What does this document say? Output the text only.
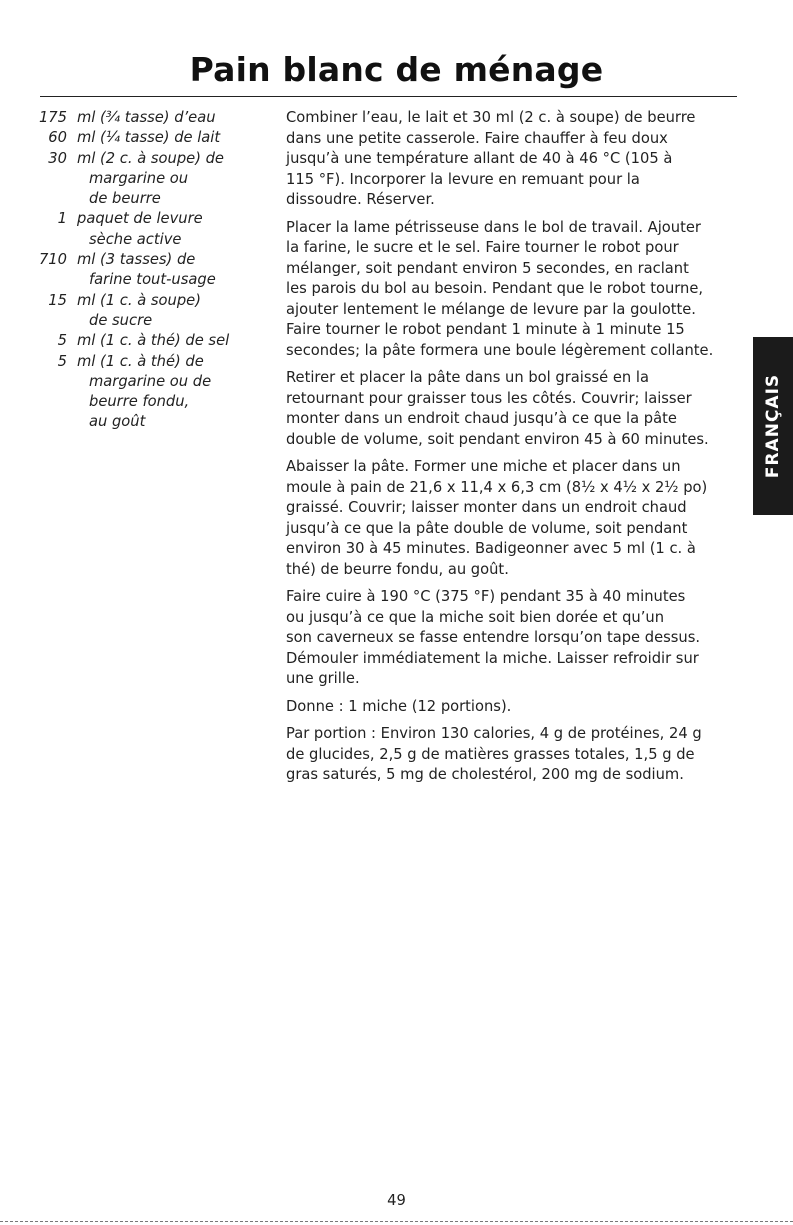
Pain blanc de ménage
175 ml (¾ tasse) d’eau
60 ml (¼ tasse) de lait
30 ml (2 c. à soupe) de
margarine ou
de beurre
1 paquet de levure
sèche active
710 ml (3 tasses) de
farine tout-usage
15 ml (1 c. à soupe)
de sucre
5 ml (1 c. à thé) de sel
5 ml (1 c. à thé) de
margarine ou de
beurre fondu,
au goût

Combiner l’eau, le lait et 30 ml (2 c. à soupe) de beurre
dans une petite casserole. Faire chauffer à feu doux
jusqu’à une température allant de 40 à 46 °C (105 à
115 °F). Incorporer la levure en remuant pour la
dissoudre. Réserver.

Placer la lame pétrisseuse dans le bol de travail. Ajouter
la farine, le sucre et le sel. Faire tourner le robot pour
mélanger, soit pendant environ 5 secondes, en raclant
les parois du bol au besoin. Pendant que le robot tourne,
ajouter lentement le mélange de levure par la goulotte.
Faire tourner le robot pendant 1 minute à 1 minute 15
secondes; la pâte formera une boule légèrement collante.

Retirer et placer la pâte dans un bol graissé en la
retournant pour graisser tous les côtés. Couvrir; laisser
monter dans un endroit chaud jusqu’à ce que la pâte
double de volume, soit pendant environ 45 à 60 minutes.

Abaisser la pâte. Former une miche et placer dans un
moule à pain de 21,6 x 11,4 x 6,3 cm (8½ x 4½ x 2½ po)
graissé. Couvrir; laisser monter dans un endroit chaud
jusqu’à ce que la pâte double de volume, soit pendant
environ 30 à 45 minutes. Badigeonner avec 5 ml (1 c. à
thé) de beurre fondu, au goût.

Faire cuire à 190 °C (375 °F) pendant 35 à 40 minutes
ou jusqu’à ce que la miche soit bien dorée et qu’un
son caverneux se fasse entendre lorsqu’on tape dessus.
Démouler immédiatement la miche. Laisser refroidir sur
une grille.

Donne : 1 miche (12 portions).

Par portion : Environ 130 calories, 4 g de protéines, 24 g
de glucides, 2,5 g de matières grasses totales, 1,5 g de
gras saturés, 5 mg de cholestérol, 200 mg de sodium.

FRANÇAIS
49
